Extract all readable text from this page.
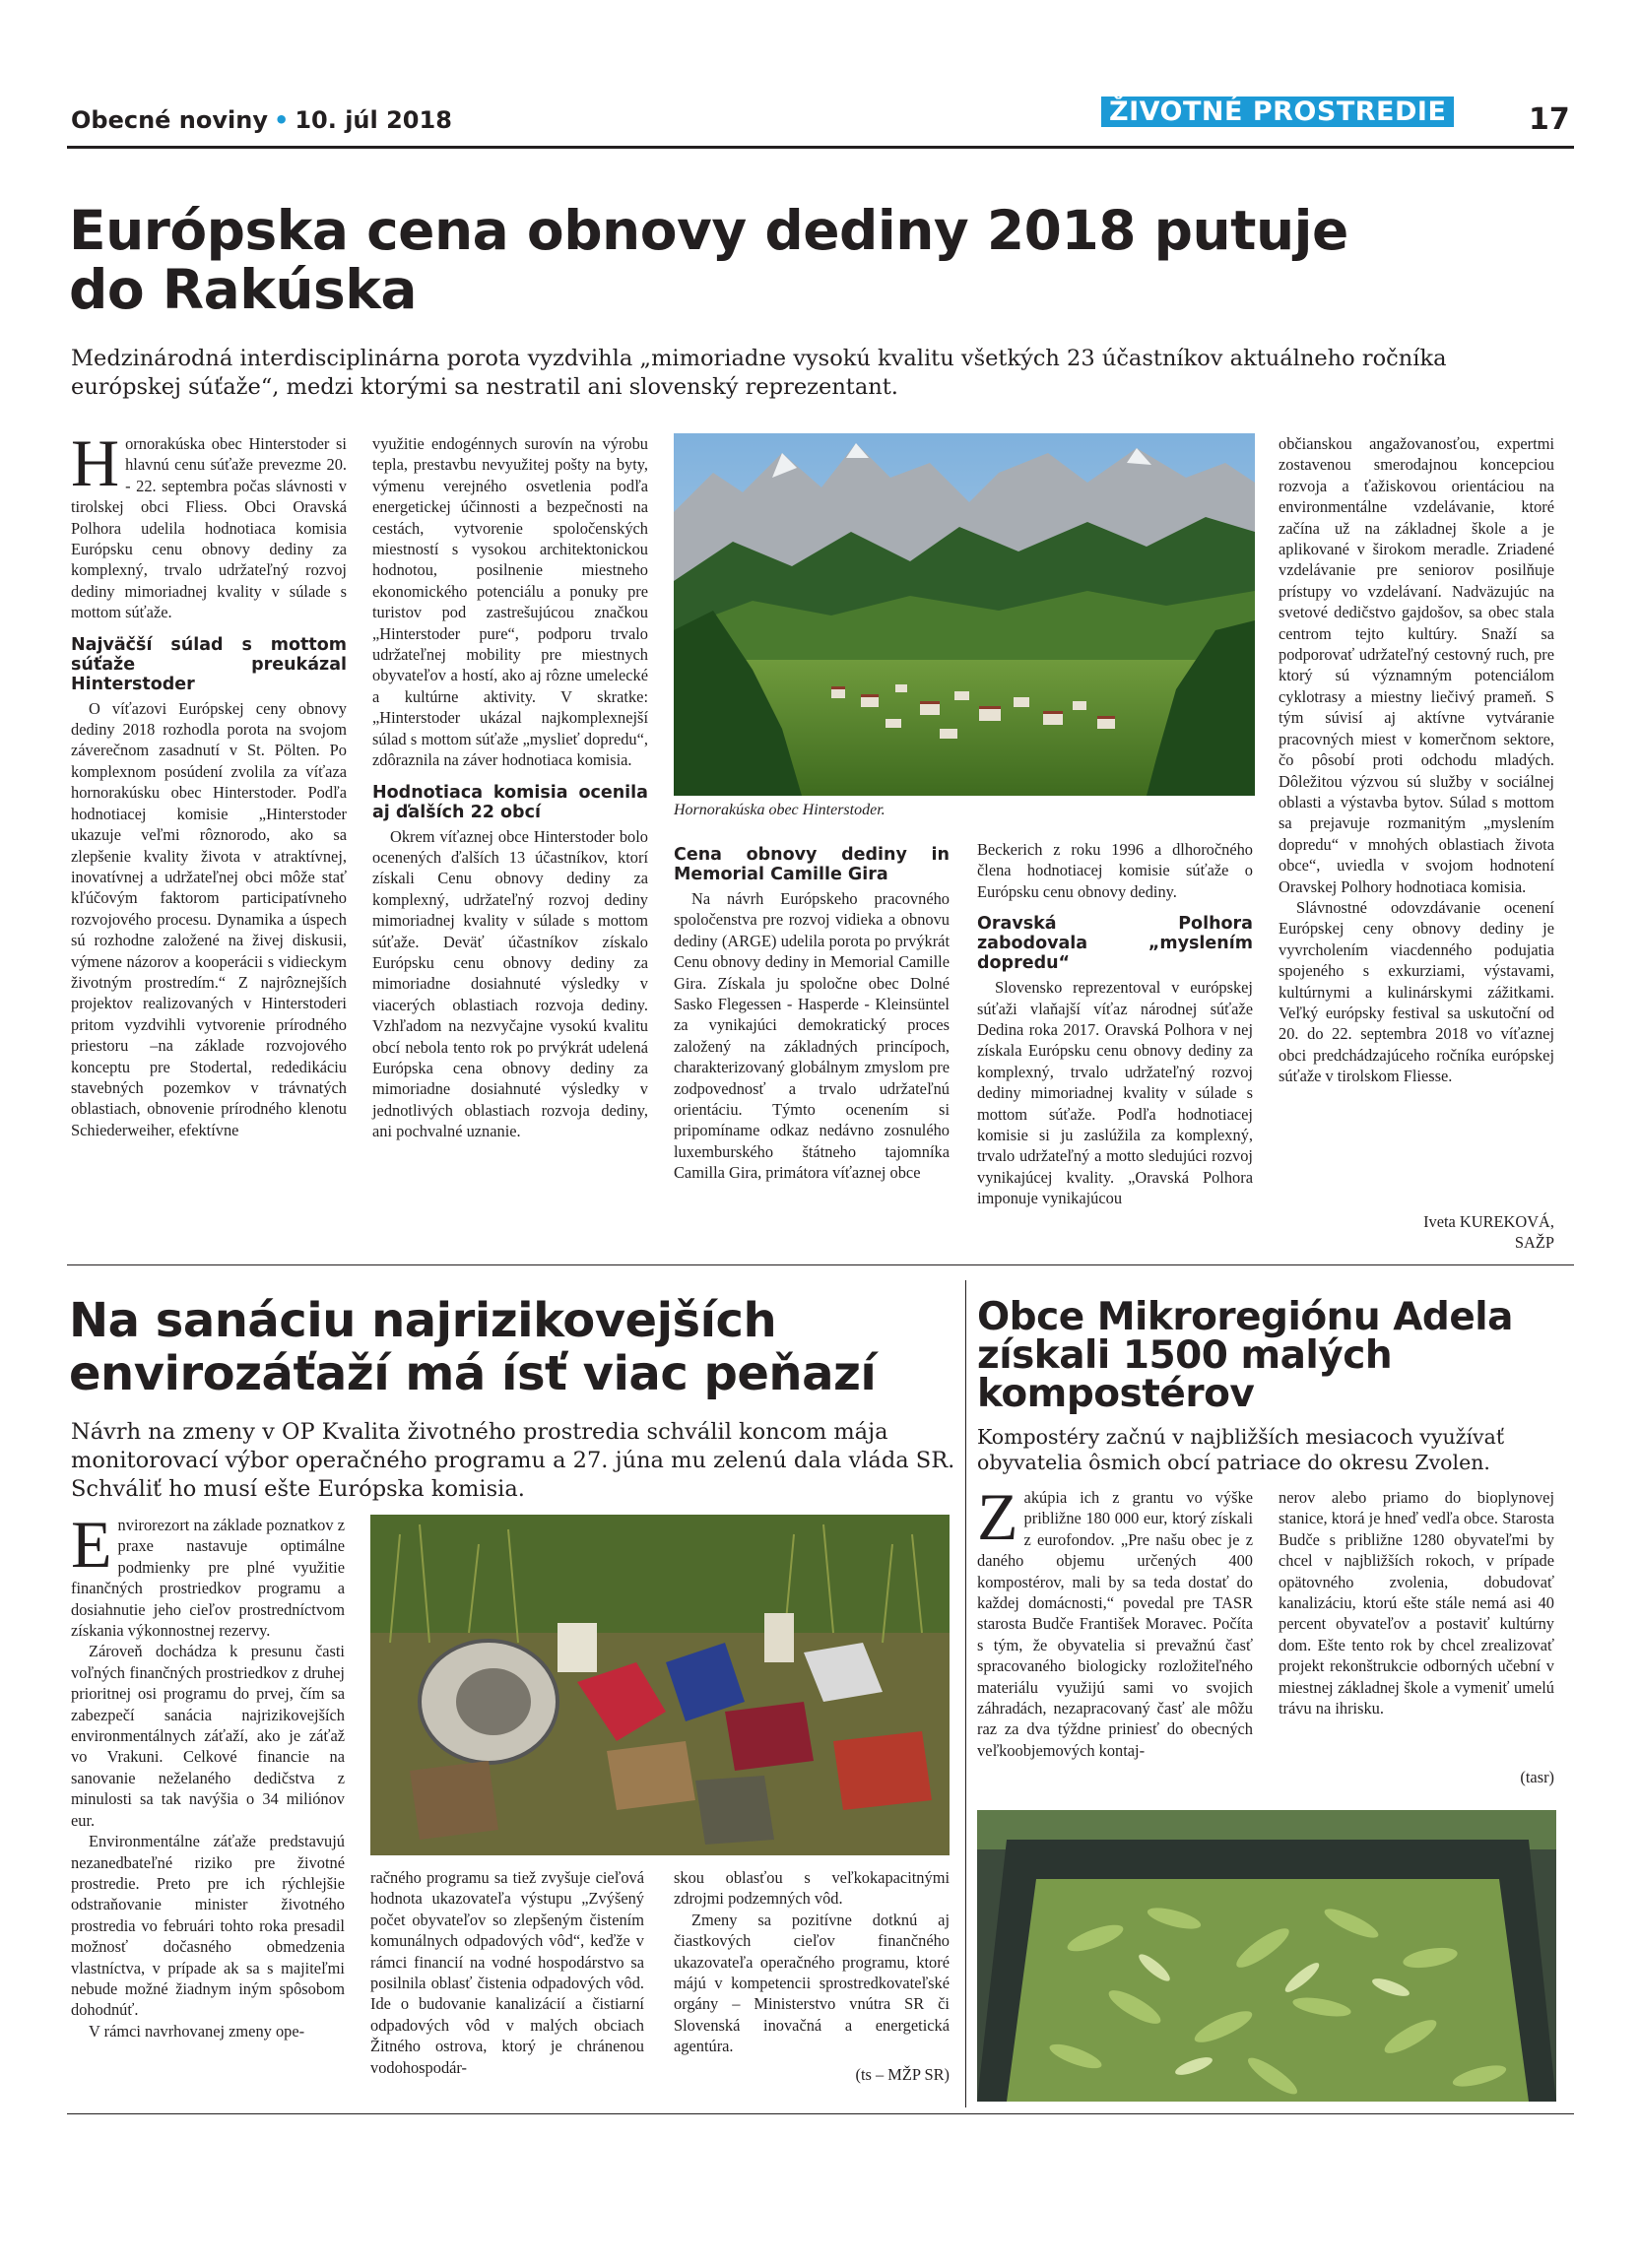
Obecné noviny • 10. júl 2018	ŽIVOTNÉ PROSTREDIE	17
Európska cena obnovy dediny 2018 putuje
do Rakúska
Medzinárodná interdisciplinárna porota vyzdvihla „mimoriadne vysokú kvalitu všetkých 23 účastníkov aktuálneho ročníka európskej súťaže“, medzi ktorými sa nestratil ani slovenský reprezentant.

Hornorakúska obec Hinterstoder si hlavnú cenu súťaže prevezme 20. - 22. septembra počas slávnosti v tirolskej obci Fliess. Obci Oravská Polhora udelila hodnotiaca komisia Európsku cenu obnovy dediny za komplexný, trvalo udržateľný rozvoj dediny mimoriadnej kvality v súlade s mottom súťaže.

Najväčší súlad s mottom súťaže preukázal Hinterstoder

O víťazovi Európskej ceny obnovy dediny 2018 rozhodla porota na svojom záverečnom zasadnutí v St. Pölten. Po komplexnom posúdení zvolila za víťaza hornorakúsku obec Hinterstoder. Podľa hodnotiacej komisie „Hinterstoder ukazuje veľmi rôznorodo, ako sa zlepšenie kvality života v atraktívnej, inovatívnej a udržateľnej obci môže stať kľúčovým faktorom participatívneho rozvojového procesu. Dynamika a úspech sú rozhodne založené na živej diskusii, výmene názorov a kooperácii s vidieckym životným prostredím.“ Z najrôznejších projektov realizovaných v Hinterstoderi pritom vyzdvihli vytvorenie prírodného priestoru –na základe rozvojového konceptu pre Stodertal, rededikáciu stavebných pozemkov v trávnatých oblastiach, obnovenie prírodného klenotu Schiederweiher, efektívne

využitie endogénnych surovín na výrobu tepla, prestavbu nevyužitej pošty na byty, výmenu verejného osvetlenia podľa energetickej účinnosti a bezpečnosti na cestách, vytvorenie spoločenských miestností s vysokou architektonickou hodnotou, posilnenie miestneho ekonomického potenciálu a ponuky pre turistov pod zastrešujúcou značkou „Hinterstoder pure“, podporu trvalo udržateľnej mobility pre miestnych obyvateľov a hostí, ako aj rôzne umelecké a kultúrne aktivity. V skratke: „Hinterstoder ukázal najkomplexnejší súlad s mottom súťaže „myslieť dopredu“, zdôraznila na záver hodnotiaca komisia.

Hodnotiaca komisia ocenila aj ďalších 22 obcí

Okrem víťaznej obce Hinterstoder bolo ocenených ďalších 13 účastníkov, ktorí získali Cenu obnovy dediny za komplexný, udržateľný rozvoj dediny mimoriadnej kvality v súlade s mottom súťaže. Deväť účastníkov získalo Európsku cenu obnovy dediny za mimoriadne dosiahnuté výsledky v viacerých oblastiach rozvoja dediny. Vzhľadom na nezvyčajne vysokú kvalitu obcí nebola tento rok po prvýkrát udelená Európska cena obnovy dediny za mimoriadne dosiahnuté výsledky v jednotlivých oblastiach rozvoja dediny, ani pochvalné uznanie.

Hornorakúska obec Hinterstoder.
Cena obnovy dediny in Memorial Camille Gira

Na návrh Európskeho pracovného spoločenstva pre rozvoj vidieka a obnovu dediny (ARGE) udelila porota po prvýkrát Cenu obnovy dediny in Memorial Camille Gira. Získala ju spoločne obec Dolné Sasko Flegessen - Hasperde - Kleinsüntel za vynikajúci demokratický proces založený na základných princípoch, charakterizovaný globálnym zmyslom pre zodpovednosť a trvalo udržateľnú orientáciu. Týmto ocenením si pripomíname odkaz nedávno zosnulého luxemburského štátneho tajomníka Camilla Gira, primátora víťaznej obce

Beckerich z roku 1996 a dlhoročného člena hodnotiacej komisie súťaže o Európsku cenu obnovy dediny.

Oravská Polhora zabodovala „myslením dopredu“

Slovensko reprezentoval v európskej súťaži vlaňajší víťaz národnej súťaže Dedina roka 2017. Oravská Polhora v nej získala Európsku cenu obnovy dediny za komplexný, trvalo udržateľný rozvoj dediny mimoriadnej kvality v súlade s mottom súťaže. Podľa hodnotiacej komisie si ju zaslúžila za komplexný, trvalo udržateľný a motto sledujúci rozvoj vynikajúcej kvality. „Oravská Polhora imponuje vynikajúcou

občianskou angažovanosťou, expertmi zostavenou smerodajnou koncepciou rozvoja a ťažiskovou orientáciou na environmentálne vzdelávanie, ktoré začína už na základnej škole a je aplikované v širokom meradle. Zriadené vzdelávanie pre seniorov posilňuje prístupy vo vzdelávaní. Nadväzujúc na svetové dedičstvo gajdošov, sa obec stala centrom tejto kultúry. Snaží sa podporovať udržateľný cestovný ruch, pre ktorý sú významným potenciálom cyklotrasy a miestny liečivý prameň. S tým súvisí aj aktívne vytváranie pracovných miest v komerčnom sektore, čo pôsobí proti odchodu mladých. Dôležitou výzvou sú služby v sociálnej oblasti a výstavba bytov. Súlad s mottom sa prejavuje rozmanitým „myslením dopredu“ v mnohých oblastiach života obce“, uviedla v svojom hodnotení Oravskej Polhory hodnotiaca komisia.

Slávnostné odovzdávanie ocenení Európskej ceny obnovy dediny je vyvrcholením viacdenného podujatia spojeného s exkurziami, výstavami, kultúrnymi a kulinárskymi zážitkami. Veľký európsky festival sa uskutoční od 20. do 22. septembra 2018 vo víťaznej obci predchádzajúceho ročníka európskej súťaže v tirolskom Fliesse.

Iveta KUREKOVÁ,
SAŽP
Na sanáciu najrizikovejších
envirozáťaží má ísť viac peňazí
Návrh na zmeny v OP Kvalita životného prostredia schválil koncom mája monitorovací výbor operačného programu a 27. júna mu zelenú dala vláda SR. Schváliť ho musí ešte Európska komisia.

Envirorezort na základe poznatkov z praxe nastavuje optimálne podmienky pre plné využitie finančných prostriedkov programu a dosiahnutie jeho cieľov prostredníctvom získania výkonnostnej rezervy.

Zároveň dochádza k presunu časti voľných finančných prostriedkov z druhej prioritnej osi programu do prvej, čím sa zabezpečí sanácia najrizikovejších environmentálnych záťaží, ako je záťaž vo Vrakuni. Celkové financie na sanovanie neželaného dedičstva z minulosti sa tak navýšia o 34 miliónov eur.

Environmentálne záťaže predstavujú nezanedbateľné riziko pre životné prostredie. Preto pre ich rýchlejšie odstraňovanie minister životného prostredia vo februári tohto roka presadil možnosť dočasného obmedzenia vlastníctva, v prípade ak sa s majiteľmi nebude možné žiadnym iným spôsobom dohodnúť.

V rámci navrhovanej zmeny ope-

račného programu sa tiež zvyšuje cieľová hodnota ukazovateľa výstupu „Zvýšený počet obyvateľov so zlepšeným čistením komunálnych odpadových vôd“, keďže v rámci financií na vodné hospodárstvo sa posilnila oblasť čistenia odpadových vôd. Ide o budovanie kanalizácií a čistiarní odpadových vôd v malých obciach Žitného ostrova, ktorý je chránenou vodohospodár-

skou oblasťou s veľkokapacitnými zdrojmi podzemných vôd.

Zmeny sa pozitívne dotknú aj čiastkových cieľov finančného ukazovateľa operačného programu, ktoré májú v kompetencii sprostredkovateľské orgány – Ministerstvo vnútra SR či Slovenská inovačná a energetická agentúra.

(ts – MŽP SR)
Obce Mikroregiónu Adela
získali 1500 malých
kompostérov
Kompostéry začnú v najbližších mesiacoch využívať obyvatelia ôsmich obcí patriace do okresu Zvolen.

Zakúpia ich z grantu vo výške približne 180 000 eur, ktorý získali z eurofondov. „Pre našu obec je z daného objemu určených 400 kompostérov, mali by sa teda dostať do každej domácnosti,“ povedal pre TASR starosta Budče František Moravec. Počíta s tým, že obyvatelia si prevažnú časť spracovaného biologicky rozložiteľného materiálu využijú sami vo svojich záhradách, nezapracovaný časť ale môžu raz za dva týždne priniesť do obecných veľkoobjemových kontaj-

nerov alebo priamo do bioplynovej stanice, ktorá je hneď vedľa obce. Starosta Budče s približne 1280 obyvateľmi by chcel v najbližších rokoch, v prípade opätovného zvolenia, dobudovať kanalizáciu, ktorú ešte stále nemá asi 40 percent obyvateľov a postaviť kultúrny dom. Ešte tento rok by chcel zrealizovať projekt rekonštrukcie odborných učební v miestnej základnej škole a vymeniť umelú trávu na ihrisku.

(tasr)
